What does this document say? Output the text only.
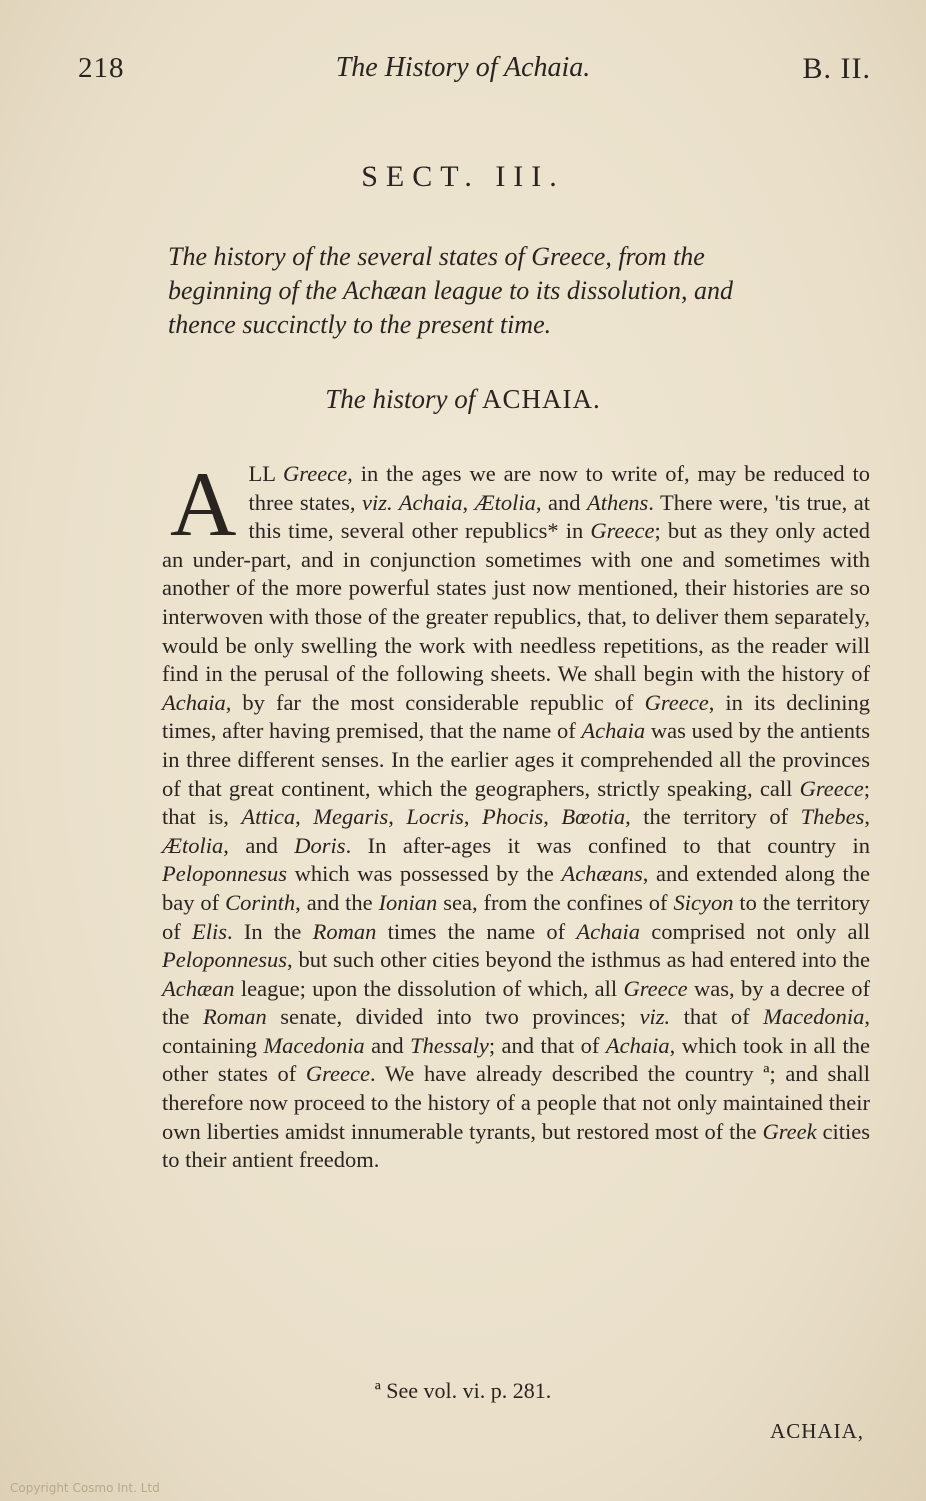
218	The History of Achaia.	B. II.
SECT. III.
The history of the several states of Greece, from the
beginning of the Achæan league to its dissolution, and
thence succinctly to the present time.
The history of ACHAIA.
ALL Greece, in the ages we are now to write of, may be reduced to three states, viz. Achaia, Ætolia, and Athens. There were, 'tis true, at this time, several other republics* in Greece; but as they only acted an under-part, and in conjunction sometimes with one and sometimes with another of the more powerful states just now mentioned, their histories are so interwoven with those of the greater republics, that, to deliver them separately, would be only swelling the work with needless repetitions, as the reader will find in the perusal of the following sheets. We shall begin with the history of Achaia, by far the most considerable republic of Greece, in its declining times, after having premised, that the name of Achaia was used by the antients in three different senses. In the earlier ages it comprehended all the provinces of that great continent, which the geographers, strictly speaking, call Greece; that is, Attica, Megaris, Locris, Phocis, Bœotia, the territory of Thebes, Ætolia, and Doris. In after-ages it was confined to that country in Peloponnesus which was possessed by the Achæans, and extended along the bay of Corinth, and the Ionian sea, from the confines of Sicyon to the territory of Elis. In the Roman times the name of Achaia comprised not only all Peloponnesus, but such other cities beyond the isthmus as had entered into the Achæan league; upon the dissolution of which, all Greece was, by a decree of the Roman senate, divided into two provinces; viz. that of Macedonia, containing Macedonia and Thessaly; and that of Achaia, which took in all the other states of Greece. We have already described the country ª; and shall therefore now proceed to the history of a people that not only maintained their own liberties amidst innumerable tyrants, but restored most of the Greek cities to their antient freedom.
ª See vol. vi. p. 281.
ACHAIA,
Copyright Cosmo Int. Ltd
